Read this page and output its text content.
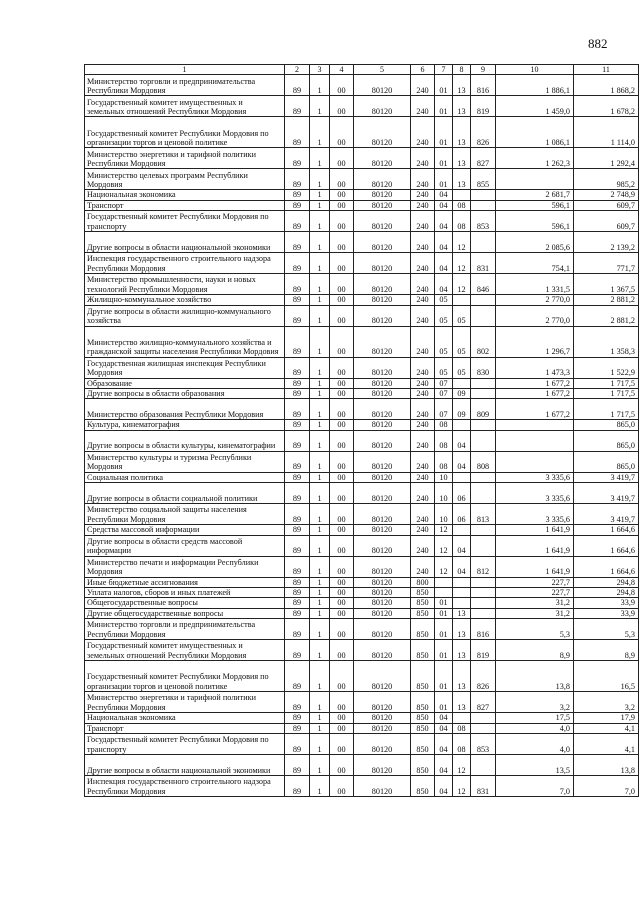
882
1	2	3	4	5	6	7	8	9	10	11
Министерство торговли и предпринимательства Республики Мордовия	89	1	00	80120	240	01	13	816	1 886,1	1 868,2
Государственный комитет имущественных и земельных отношений Республики Мордовия	89	1	00	80120	240	01	13	819	1 459,0	1 678,2
Государственный комитет Республики Мордовия по организации торгов и ценовой политике	89	1	00	80120	240	01	13	826	1 086,1	1 114,0
Министерство энергетики и тарифной политики Республики Мордовия	89	1	00	80120	240	01	13	827	1 262,3	1 292,4
Министерство целевых программ Республики Мордовия	89	1	00	80120	240	01	13	855		985,2
Национальная экономика	89	1	00	80120	240	04			2 681,7	2 748,9
Транспорт	89	1	00	80120	240	04	08		596,1	609,7
Государственный комитет Республики Мордовия по транспорту	89	1	00	80120	240	04	08	853	596,1	609,7
Другие вопросы в области национальной экономики	89	1	00	80120	240	04	12		2 085,6	2 139,2
Инспекция государственного строительного надзора Республики Мордовия	89	1	00	80120	240	04	12	831	754,1	771,7
Министерство промышленности, науки и новых технологий Республики Мордовия	89	1	00	80120	240	04	12	846	1 331,5	1 367,5
Жилищно-коммунальное хозяйство	89	1	00	80120	240	05			2 770,0	2 881,2
Другие вопросы в области жилищно-коммунального хозяйства	89	1	00	80120	240	05	05		2 770,0	2 881,2
Министерство жилищно-коммунального хозяйства и гражданской защиты населения Республики Мордовия	89	1	00	80120	240	05	05	802	1 296,7	1 358,3
Государственная жилищная инспекция Республики Мордовия	89	1	00	80120	240	05	05	830	1 473,3	1 522,9
Образование	89	1	00	80120	240	07			1 677,2	1 717,5
Другие вопросы в области образования	89	1	00	80120	240	07	09		1 677,2	1 717,5
Министерство образования Республики Мордовия	89	1	00	80120	240	07	09	809	1 677,2	1 717,5
Культура, кинематография	89	1	00	80120	240	08				865,0
Другие вопросы в области культуры, кинематографии	89	1	00	80120	240	08	04			865,0
Министерство культуры и туризма Республики Мордовия	89	1	00	80120	240	08	04	808		865,0
Социальная политика	89	1	00	80120	240	10			3 335,6	3 419,7
Другие вопросы в области социальной политики	89	1	00	80120	240	10	06		3 335,6	3 419,7
Министерство социальной защиты населения Республики Мордовия	89	1	00	80120	240	10	06	813	3 335,6	3 419,7
Средства массовой информации	89	1	00	80120	240	12			1 641,9	1 664,6
Другие вопросы в области средств массовой информации	89	1	00	80120	240	12	04		1 641,9	1 664,6
Министерство печати и информации Республики Мордовия	89	1	00	80120	240	12	04	812	1 641,9	1 664,6
Иные бюджетные ассигнования	89	1	00	80120	800				227,7	294,8
Уплата налогов, сборов и иных платежей	89	1	00	80120	850				227,7	294,8
Общегосударственные вопросы	89	1	00	80120	850	01			31,2	33,9
Другие общегосударственные вопросы	89	1	00	80120	850	01	13		31,2	33,9
Министерство торговли и предпринимательства Республики Мордовия	89	1	00	80120	850	01	13	816	5,3	5,3
Государственный комитет имущественных и земельных отношений Республики Мордовия	89	1	00	80120	850	01	13	819	8,9	8,9
Государственный комитет Республики Мордовия по организации торгов и ценовой политике	89	1	00	80120	850	01	13	826	13,8	16,5
Министерство энергетики и тарифной политики Республики Мордовия	89	1	00	80120	850	01	13	827	3,2	3,2
Национальная экономика	89	1	00	80120	850	04			17,5	17,9
Транспорт	89	1	00	80120	850	04	08		4,0	4,1
Государственный комитет Республики Мордовия по транспорту	89	1	00	80120	850	04	08	853	4,0	4,1
Другие вопросы в области национальной экономики	89	1	00	80120	850	04	12		13,5	13,8
Инспекция государственного строительного надзора Республики Мордовия	89	1	00	80120	850	04	12	831	7,0	7,0
